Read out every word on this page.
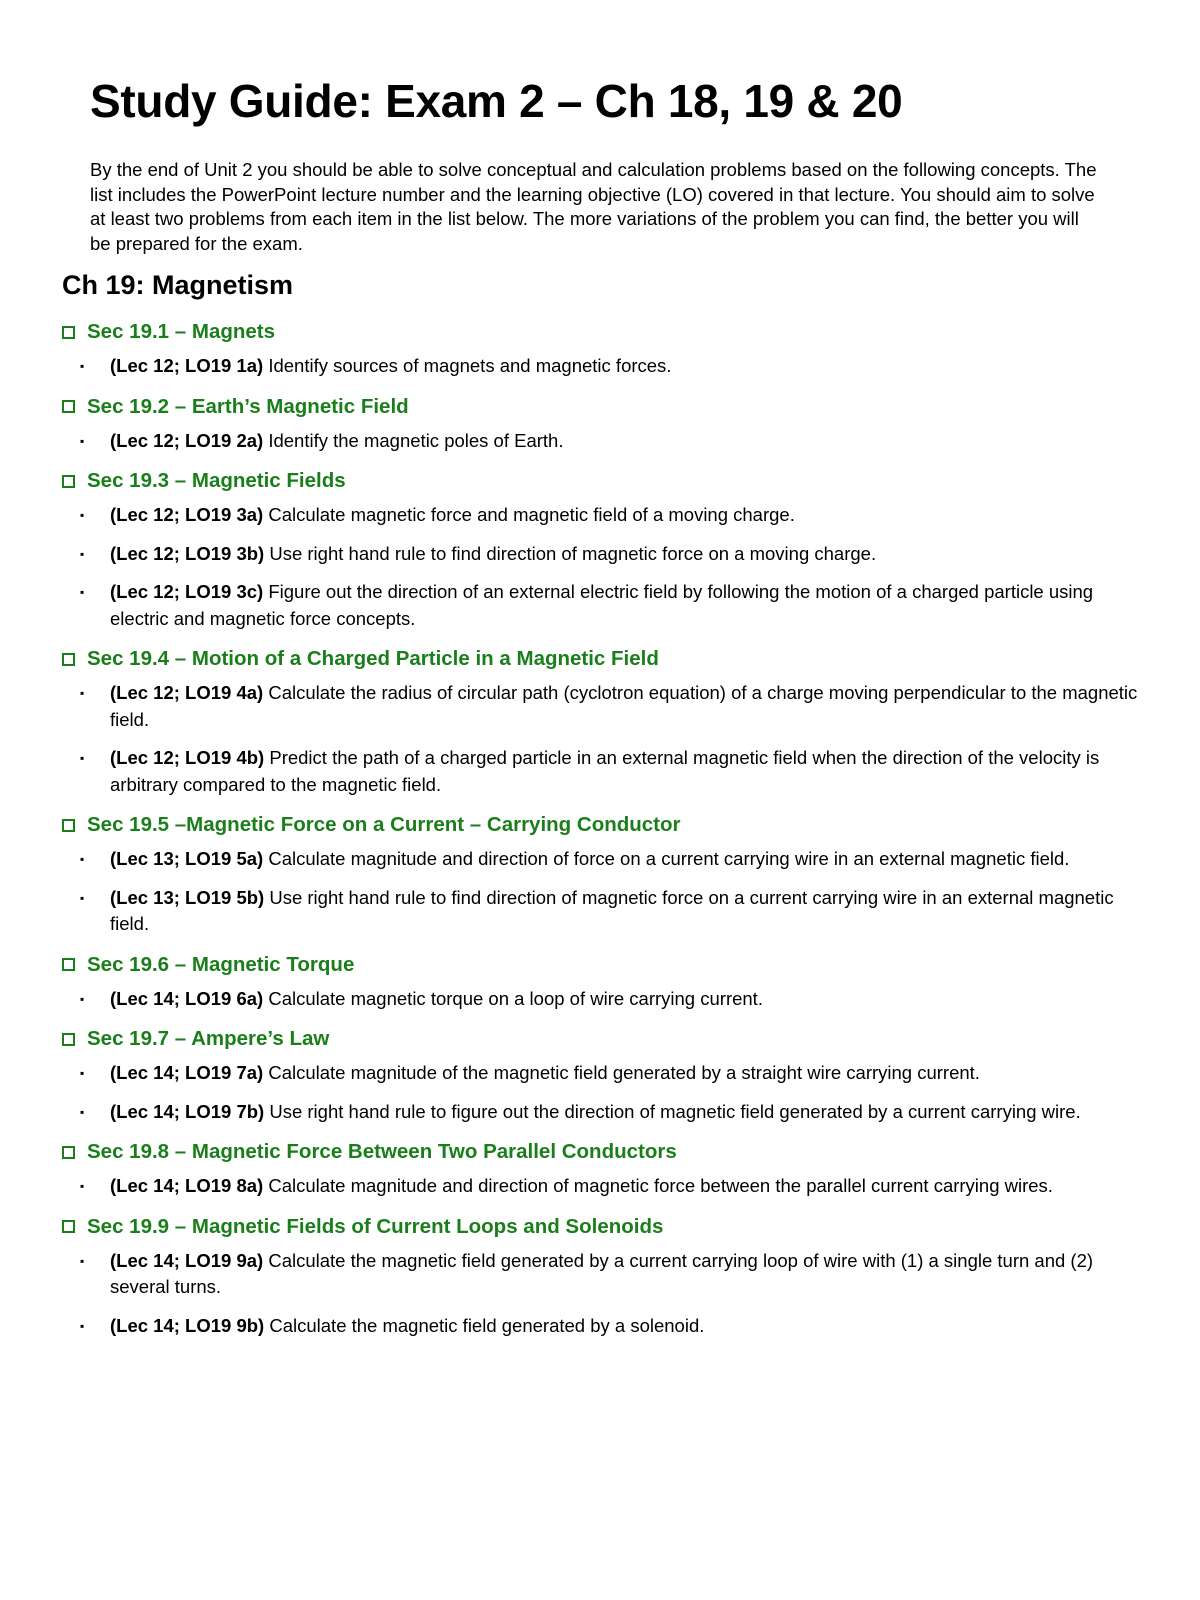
Study Guide: Exam 2 – Ch 18, 19 & 20

By the end of Unit 2 you should be able to solve conceptual and calculation problems based on the following concepts. The list includes the PowerPoint lecture number and the learning objective (LO) covered in that lecture. You should aim to solve at least two problems from each item in the list below. The more variations of the problem you can find, the better you will be prepared for the exam.

Ch 19: Magnetism
Sec 19.1 – Magnets
▪ (Lec 12; LO19 1a) Identify sources of magnets and magnetic forces.
Sec 19.2 – Earth’s Magnetic Field
▪ (Lec 12; LO19 2a) Identify the magnetic poles of Earth.
Sec 19.3 – Magnetic Fields
▪ (Lec 12; LO19 3a) Calculate magnetic force and magnetic field of a moving charge.
▪ (Lec 12; LO19 3b) Use right hand rule to find direction of magnetic force on a moving charge.
▪ (Lec 12; LO19 3c) Figure out the direction of an external electric field by following the motion of a charged particle using electric and magnetic force concepts.
Sec 19.4 – Motion of a Charged Particle in a Magnetic Field
▪ (Lec 12; LO19 4a) Calculate the radius of circular path (cyclotron equation) of a charge moving perpendicular to the magnetic field.
▪ (Lec 12; LO19 4b) Predict the path of a charged particle in an external magnetic field when the direction of the velocity is arbitrary compared to the magnetic field.
Sec 19.5 –Magnetic Force on a Current – Carrying Conductor
▪ (Lec 13; LO19 5a) Calculate magnitude and direction of force on a current carrying wire in an external magnetic field.
▪ (Lec 13; LO19 5b) Use right hand rule to find direction of magnetic force on a current carrying wire in an external magnetic field.
Sec 19.6 – Magnetic Torque
▪ (Lec 14; LO19 6a) Calculate magnetic torque on a loop of wire carrying current.
Sec 19.7 – Ampere’s Law
▪ (Lec 14; LO19 7a) Calculate magnitude of the magnetic field generated by a straight wire carrying current.
▪ (Lec 14; LO19 7b) Use right hand rule to figure out the direction of magnetic field generated by a current carrying wire.
Sec 19.8 – Magnetic Force Between Two Parallel Conductors
▪ (Lec 14; LO19 8a) Calculate magnitude and direction of magnetic force between the parallel current carrying wires.
Sec 19.9 – Magnetic Fields of Current Loops and Solenoids
▪ (Lec 14; LO19 9a) Calculate the magnetic field generated by a current carrying loop of wire with (1) a single turn and (2) several turns.
▪ (Lec 14; LO19 9b) Calculate the magnetic field generated by a solenoid.
